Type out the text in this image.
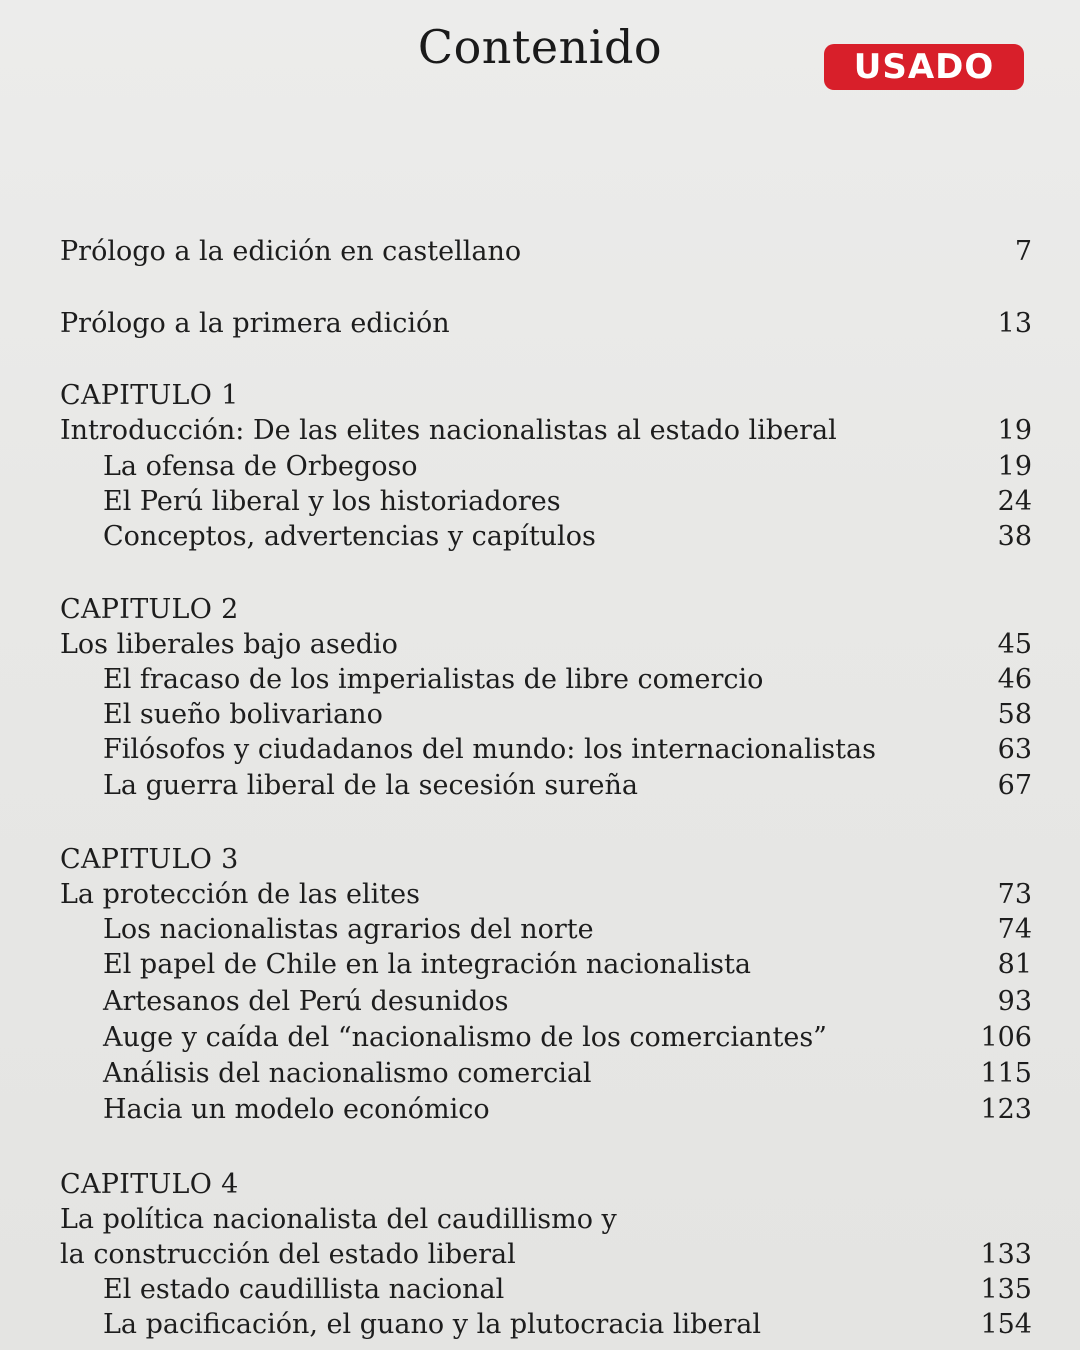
Contenido	USADO
Prólogo a la edición en castellano	7
Prólogo a la primera edición	13
CAPITULO 1
Introducción: De las elites nacionalistas al estado liberal	19
La ofensa de Orbegoso	19
El Perú liberal y los historiadores	24
Conceptos, advertencias y capítulos	38
CAPITULO 2
Los liberales bajo asedio	45
El fracaso de los imperialistas de libre comercio	46
El sueño bolivariano	58
Filósofos y ciudadanos del mundo: los internacionalistas	63
La guerra liberal de la secesión sureña	67
CAPITULO 3
La protección de las elites	73
Los nacionalistas agrarios del norte	74
El papel de Chile en la integración nacionalista	81
Artesanos del Perú desunidos	93
Auge y caída del “nacionalismo de los comerciantes”	106
Análisis del nacionalismo comercial	115
Hacia un modelo económico	123
CAPITULO 4
La política nacionalista del caudillismo y
la construcción del estado liberal	133
El estado caudillista nacional	135
La pacificación, el guano y la plutocracia liberal	154
